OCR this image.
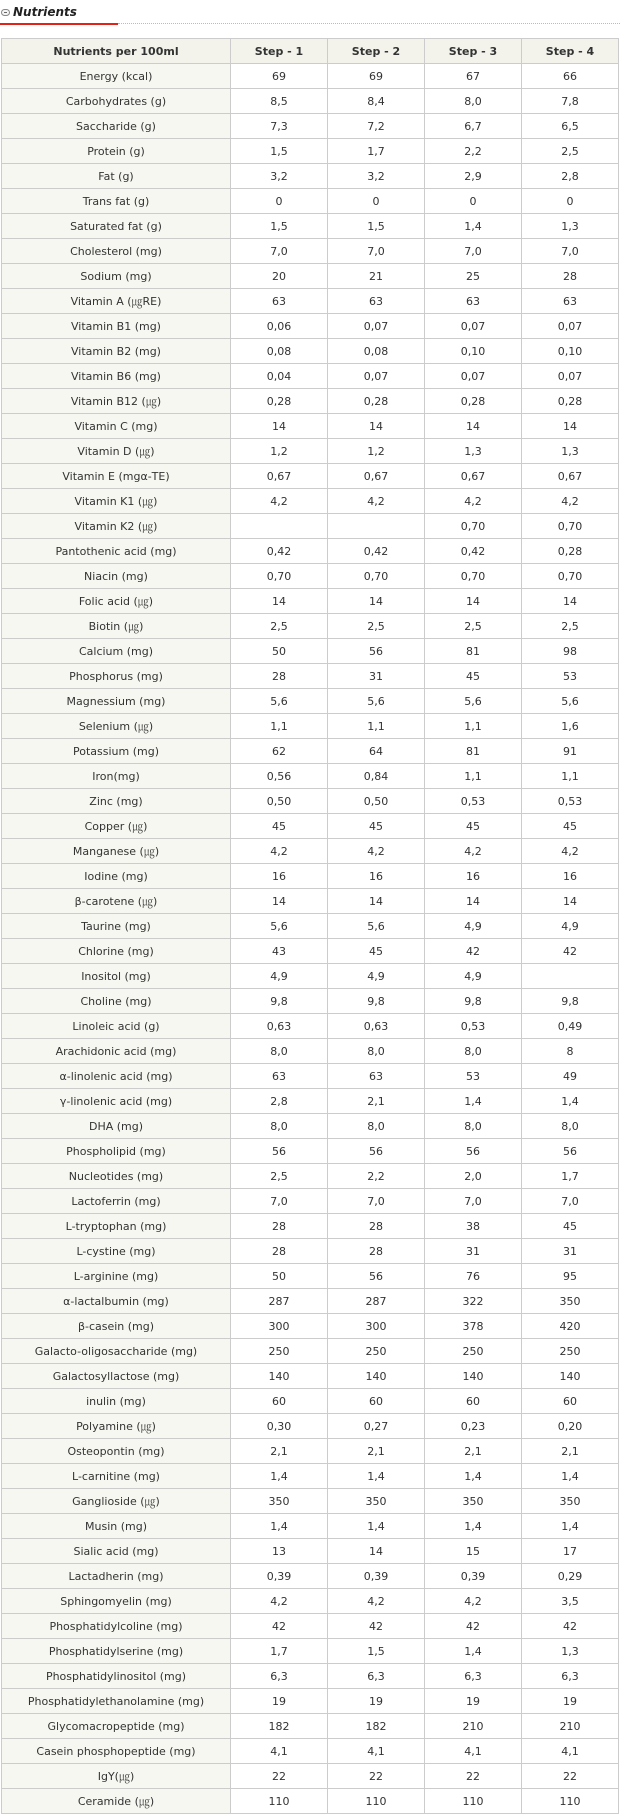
Nutrients
Nutrients per 100ml	Step - 1	Step - 2	Step - 3	Step - 4
Energy (kcal)	69	69	67	66
Carbohydrates (g)	8,5	8,4	8,0	7,8
Saccharide (g)	7,3	7,2	6,7	6,5
Protein (g)	1,5	1,7	2,2	2,5
Fat (g)	3,2	3,2	2,9	2,8
Trans fat (g)	0	0	0	0
Saturated fat (g)	1,5	1,5	1,4	1,3
Cholesterol (mg)	7,0	7,0	7,0	7,0
Sodium (mg)	20	21	25	28
Vitamin A (㎍RE)	63	63	63	63
Vitamin B1 (mg)	0,06	0,07	0,07	0,07
Vitamin B2 (mg)	0,08	0,08	0,10	0,10
Vitamin B6 (mg)	0,04	0,07	0,07	0,07
Vitamin B12 (㎍)	0,28	0,28	0,28	0,28
Vitamin C (mg)	14	14	14	14
Vitamin D (㎍)	1,2	1,2	1,3	1,3
Vitamin E (mgα-TE)	0,67	0,67	0,67	0,67
Vitamin K1 (㎍)	4,2	4,2	4,2	4,2
Vitamin K2 (㎍)			0,70	0,70
Pantothenic acid (mg)	0,42	0,42	0,42	0,28
Niacin (mg)	0,70	0,70	0,70	0,70
Folic acid (㎍)	14	14	14	14
Biotin (㎍)	2,5	2,5	2,5	2,5
Calcium (mg)	50	56	81	98
Phosphorus (mg)	28	31	45	53
Magnessium (mg)	5,6	5,6	5,6	5,6
Selenium (㎍)	1,1	1,1	1,1	1,6
Potassium (mg)	62	64	81	91
Iron(mg)	0,56	0,84	1,1	1,1
Zinc (mg)	0,50	0,50	0,53	0,53
Copper (㎍)	45	45	45	45
Manganese (㎍)	4,2	4,2	4,2	4,2
Iodine (mg)	16	16	16	16
β-carotene (㎍)	14	14	14	14
Taurine (mg)	5,6	5,6	4,9	4,9
Chlorine (mg)	43	45	42	42
Inositol (mg)	4,9	4,9	4,9	
Choline (mg)	9,8	9,8	9,8	9,8
Linoleic acid (g)	0,63	0,63	0,53	0,49
Arachidonic acid (mg)	8,0	8,0	8,0	8
α-linolenic acid (mg)	63	63	53	49
γ-linolenic acid (mg)	2,8	2,1	1,4	1,4
DHA (mg)	8,0	8,0	8,0	8,0
Phospholipid (mg)	56	56	56	56
Nucleotides (mg)	2,5	2,2	2,0	1,7
Lactoferrin (mg)	7,0	7,0	7,0	7,0
L-tryptophan (mg)	28	28	38	45
L-cystine (mg)	28	28	31	31
L-arginine (mg)	50	56	76	95
α-lactalbumin (mg)	287	287	322	350
β-casein (mg)	300	300	378	420
Galacto-oligosaccharide (mg)	250	250	250	250
Galactosyllactose (mg)	140	140	140	140
inulin (mg)	60	60	60	60
Polyamine (㎍)	0,30	0,27	0,23	0,20
Osteopontin (mg)	2,1	2,1	2,1	2,1
L-carnitine (mg)	1,4	1,4	1,4	1,4
Ganglioside (㎍)	350	350	350	350
Musin (mg)	1,4	1,4	1,4	1,4
Sialic acid (mg)	13	14	15	17
Lactadherin (mg)	0,39	0,39	0,39	0,29
Sphingomyelin (mg)	4,2	4,2	4,2	3,5
Phosphatidylcoline (mg)	42	42	42	42
Phosphatidylserine (mg)	1,7	1,5	1,4	1,3
Phosphatidylinositol (mg)	6,3	6,3	6,3	6,3
Phosphatidylethanolamine (mg)	19	19	19	19
Glycomacropeptide (mg)	182	182	210	210
Casein phosphopeptide (mg)	4,1	4,1	4,1	4,1
IgY(㎍)	22	22	22	22
Ceramide (㎍)	110	110	110	110
